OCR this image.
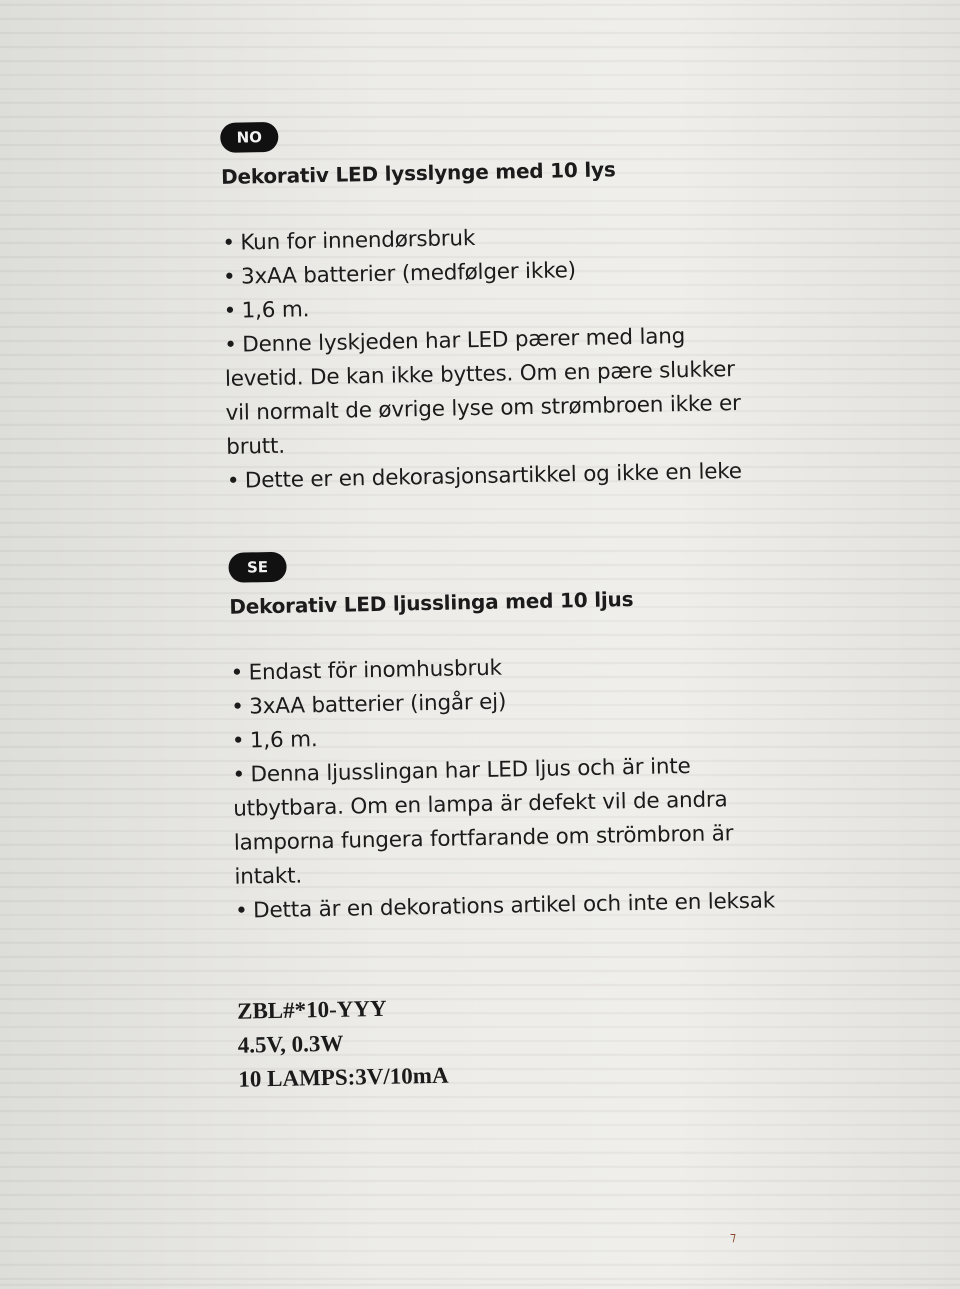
NO
Dekorativ LED lysslynge med 10 lys
• Kun for innendørsbruk
• 3xAA batterier (medfølger ikke)
• 1,6 m.
• Denne lyskjeden har LED pærer med lang levetid. De kan ikke byttes. Om en pære slukker vil normalt de øvrige lyse om strømbroen ikke er brutt.
• Dette er en dekorasjonsartikkel og ikke en leke
SE
Dekorativ LED ljusslinga med 10 ljus
• Endast för inomhusbruk
• 3xAA batterier (ingår ej)
• 1,6 m.
• Denna ljusslingan har LED ljus och är inte utbytbara. Om en lampa är defekt vil de andra lamporna fungera fortfarande om strömbron är intakt.
• Detta är en dekorations artikel och inte en leksak
ZBL#*10-YYY
4.5V, 0.3W
10 LAMPS:3V/10mA
⁊
